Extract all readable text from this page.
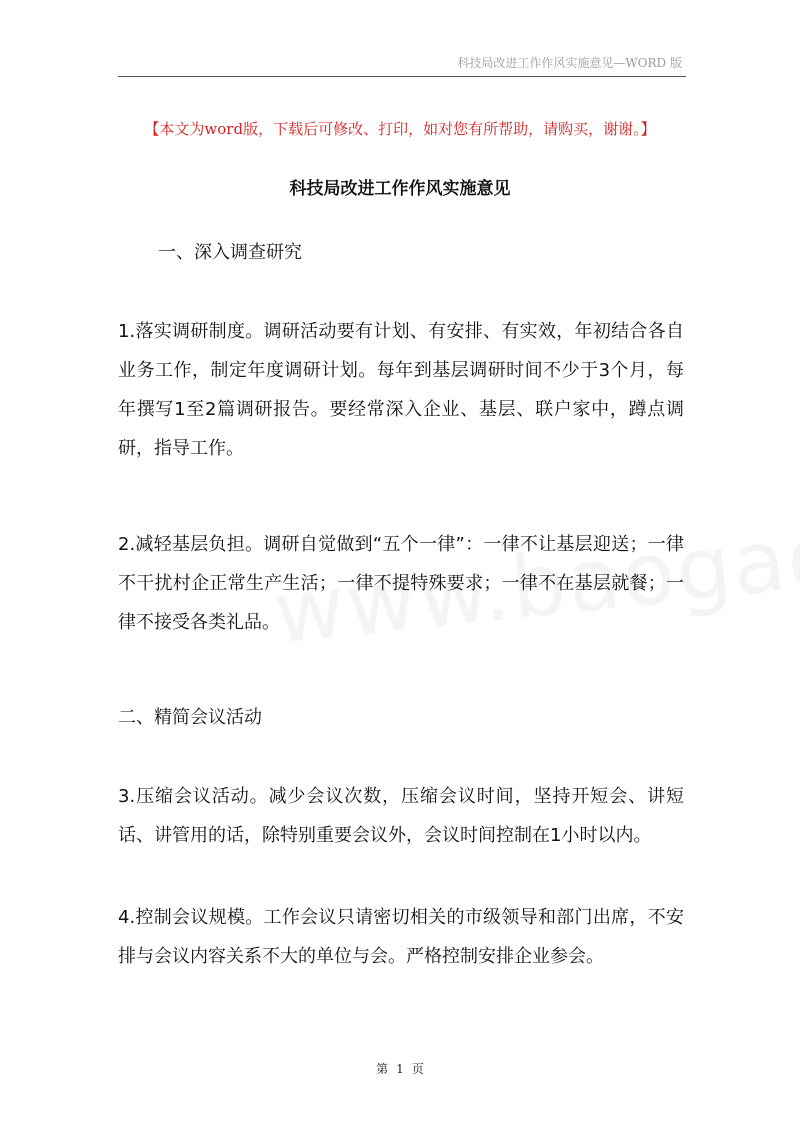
科技局改进工作作风实施意见—WORD 版
【本文为word版，下载后可修改、打印，如对您有所帮助，请购买，谢谢。】
科技局改进工作作风实施意见
一、深入调查研究
1.落实调研制度。调研活动要有计划、有安排、有实效，年初结合各自业务工作，制定年度调研计划。每年到基层调研时间不少于3个月，每年撰写1至2篇调研报告。要经常深入企业、基层、联户家中，蹲点调研，指导工作。
2.减轻基层负担。调研自觉做到“五个一律”：一律不让基层迎送；一律不干扰村企正常生产生活；一律不提特殊要求；一律不在基层就餐；一律不接受各类礼品。
二、精简会议活动
3.压缩会议活动。减少会议次数，压缩会议时间，坚持开短会、讲短话、讲管用的话，除特别重要会议外，会议时间控制在1小时以内。
4.控制会议规模。工作会议只请密切相关的市级领导和部门出席，不安排与会议内容关系不大的单位与会。严格控制安排企业参会。
第 1 页
